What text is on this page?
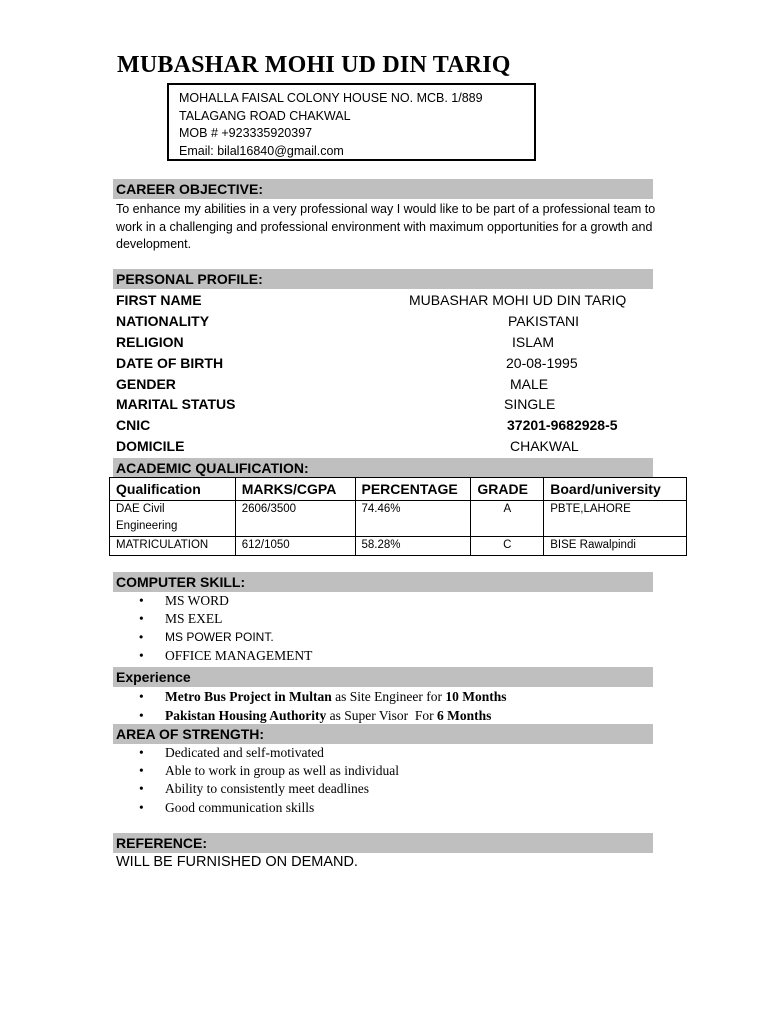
MUBASHAR MOHI UD DIN TARIQ
MOHALLA FAISAL COLONY HOUSE NO. MCB. 1/889
TALAGANG ROAD CHAKWAL
MOB # +923335920397
Email: bilal16840@gmail.com
CAREER OBJECTIVE:
To enhance my abilities in a very professional way I would like to be part of a professional team to work in a challenging and professional environment with maximum opportunities for a growth and development.
PERSONAL PROFILE:
FIRST NAME	MUBASHAR MOHI UD DIN TARIQ
NATIONALITY	PAKISTANI
RELIGION	ISLAM
DATE OF BIRTH	20-08-1995
GENDER	MALE
MARITAL STATUS	SINGLE
CNIC	37201-9682928-5
DOMICILE	CHAKWAL
ACADEMIC QUALIFICATION:
Qualification	MARKS/CGPA	PERCENTAGE	GRADE	Board/university
DAE Civil Engineering	2606/3500	74.46%	A	PBTE,LAHORE
MATRICULATION	612/1050	58.28%	C	BISE Rawalpindi
COMPUTER SKILL:
• MS WORD
• MS EXEL
• MS POWER POINT.
• OFFICE MANAGEMENT
Experience
• Metro Bus Project in Multan as Site Engineer for 10 Months
• Pakistan Housing Authority as Super Visor  For 6 Months
AREA OF STRENGTH:
• Dedicated and self-motivated
• Able to work in group as well as individual
• Ability to consistently meet deadlines
• Good communication skills
REFERENCE:
WILL BE FURNISHED ON DEMAND.
